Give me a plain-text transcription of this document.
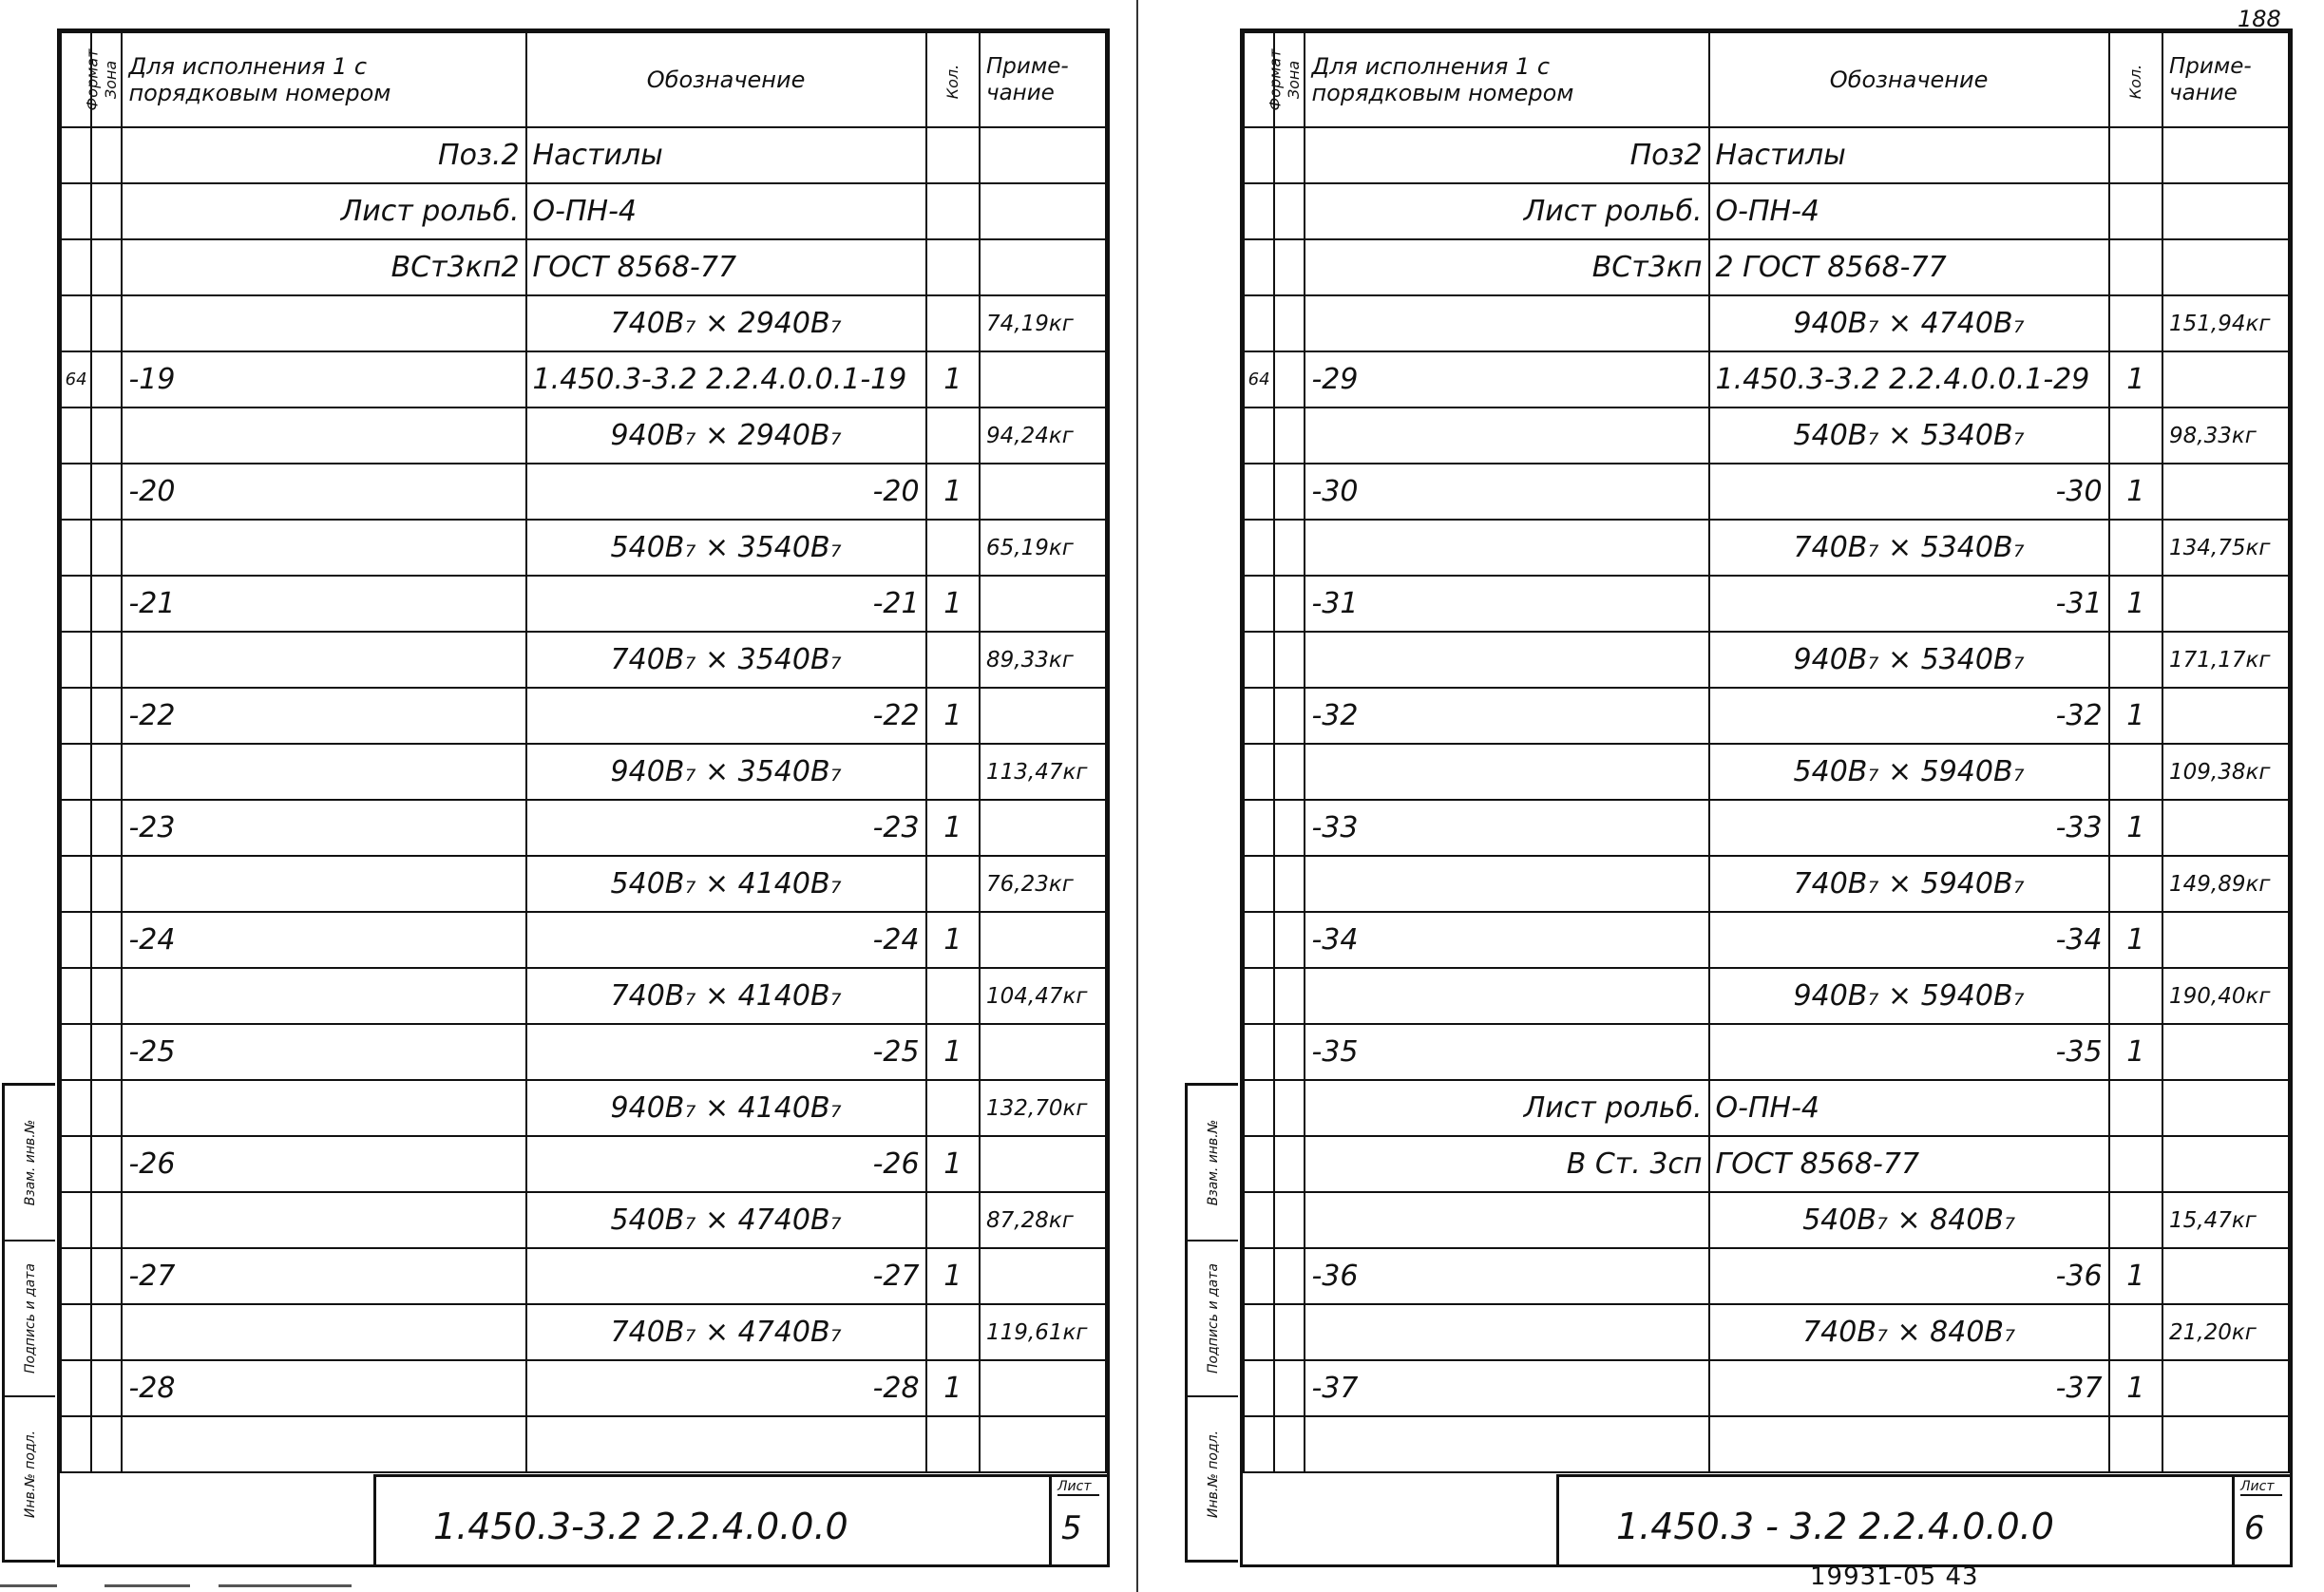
Формат	Зона	Для исполнения 1 с порядковым номером	Обозначение	Кол.	Приме- чание
		Поз.2	Настилы		
		Лист рольб.	О-ПН-4		
		ВСт3кп2	ГОСТ 8568-77		
			740В₇ × 2940В₇		74,19кг
64		-19	1.450.3-3.2 2.2.4.0.0.1-19	1	
			940В₇ × 2940В₇		94,24кг
		-20	-20	1	
			540В₇ × 3540В₇		65,19кг
		-21	-21	1	
			740В₇ × 3540В₇		89,33кг
		-22	-22	1	
			940В₇ × 3540В₇		113,47кг
		-23	-23	1	
			540В₇ × 4140В₇		76,23кг
		-24	-24	1	
			740В₇ × 4140В₇		104,47кг
		-25	-25	1	
			940В₇ × 4140В₇		132,70кг
		-26	-26	1	
			540В₇ × 4740В₇		87,28кг
		-27	-27	1	
			740В₇ × 4740В₇		119,61кг
		-28	-28	1	

1.450.3-3.2 2.2.4.0.0.0
Лист
5
Взам. инв.№
Подпись и дата
Инв.№ подл.
Взам. инв.№
Подпись и дата
Инв.№ подл.
Формат	Зона	Для исполнения 1 с порядковым номером	Обозначение	Кол.	Приме- чание
		Поз2	Настилы		
		Лист рольб.	О-ПН-4		
		ВСт3кп	2 ГОСТ 8568-77		
			940В₇ × 4740В₇		151,94кг
64		-29	1.450.3-3.2 2.2.4.0.0.1-29	1	
			540В₇ × 5340В₇		98,33кг
		-30	-30	1	
			740В₇ × 5340В₇		134,75кг
		-31	-31	1	
			940В₇ × 5340В₇		171,17кг
		-32	-32	1	
			540В₇ × 5940В₇		109,38кг
		-33	-33	1	
			740В₇ × 5940В₇		149,89кг
		-34	-34	1	
			940В₇ × 5940В₇		190,40кг
		-35	-35	1	
		Лист рольб.	О-ПН-4		
		В Ст. 3сп	ГОСТ 8568-77		
			540В₇ × 840В₇		15,47кг
		-36	-36	1	
			740В₇ × 840В₇		21,20кг
		-37	-37	1	

1.450.3 - 3.2 2.2.4.0.0.0
Лист
6
188
19931-05 43
